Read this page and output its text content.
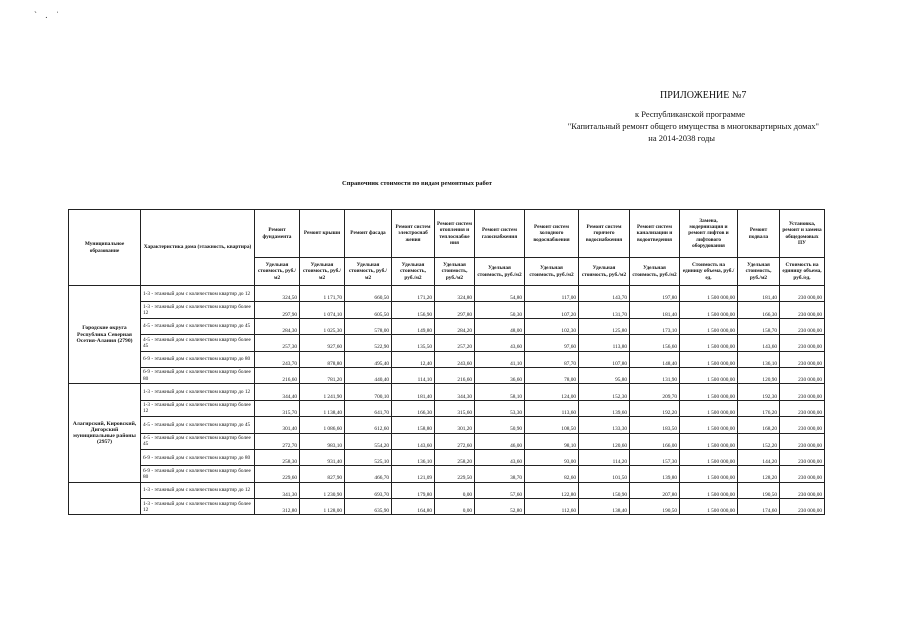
` . ˈ
ПРИЛОЖЕНИЕ №7
к Республиканской программе
"Капитальный ремонт общего имущества в многоквартирных домах"
на 2014-2038 годы
Справочник стоимости по видам ремонтных работ
Муниципальное образование	Характеристика дома (этажность, квартира)	Ремонт фундамента	Ремонт крыши	Ремонт фасада	Ремонт систем электроснаб жения	Ремонт систем отопления и теплоснабже ния	Ремонт систем газоснабжения	Ремонт систем холодного водоснабжения	Ремонт систем горячего водоснабжения	Ремонт систем канализации и водоотведения	Замена, модернизация и ремонт лифтов и лифтового оборудования	Ремонт подвала	Установка, ремонт и замена общедомовых ПУ
		Удельная стоимость, руб./м2	Удельная стоимость, руб./м2	Удельная стоимость, руб./м2	Удельная стоимость, руб./м2	Удельная стоимость, руб./м2	Удельная стоимость, руб./м2	Удельная стоимость, руб./м2	Удельная стоимость, руб./м2	Удельная стоимость, руб./м2	Стоимость на единицу объема, руб./ед.	Удельная стоимость, руб./м2	Стоимость на единицу объема, руб./ед.
Городские округа Республика Северная Осетия-Алания (2790)	1-3 - этажный дом с количеством квартир до 12	324,50	1 171,70	660,50	171,20	324,80	54,80	117,00	143,70	197,80	1 500 000,00	181,40	230 000,00
	1-3 - этажный дом с количеством квартир более 12	297,90	1 074,10	605,50	156,90	297,80	50,30	107,20	131,70	181,40	1 500 000,00	166,30	230 000,00
	4-5 - этажный дом с количеством квартир до 45	284,30	1 025,30	578,00	149,80	284,20	48,00	102,30	125,80	173,10	1 500 000,00	158,70	230 000,00
	4-5 - этажный дом с количеством квартир более 45	257,30	927,60	522,90	135,50	257,20	43,60	97,60	113,80	156,60	1 500 000,00	143,60	230 000,00
	6-9 - этажный дом с количеством квартир до 80	243,70	878,80	495,40	12,40	243,60	41,10	87,70	107,80	148,40	1 500 000,00	136,10	230 000,00
	6-9 - этажный дом с количеством квартир более 80	216,60	781,20	440,40	114,10	216,60	36,60	78,00	95,80	131,90	1 500 000,00	120,90	230 000,00
Алагирский, Кировский, Дигорский муниципальные районы (2957)	1-3 - этажный дом с количеством квартир до 12	344,40	1 241,90	700,10	181,40	344,30	58,10	124,00	152,30	209,70	1 500 000,00	192,30	230 000,00
	1-3 - этажный дом с количеством квартир более 12	315,70	1 138,40	641,70	166,30	315,60	53,30	113,60	139,60	192,20	1 500 000,00	176,20	230 000,00
	4-5 - этажный дом с количеством квартир до 45	301,40	1 086,60	612,60	158,80	301,20	50,90	108,50	133,30	183,50	1 500 000,00	168,20	230 000,00
	4-5 - этажный дом с количеством квартир более 45	272,70	983,10	554,20	143,60	272,60	46,00	98,10	120,60	166,00	1 500 000,00	152,20	230 000,00
	6-9 - этажный дом с количеством квартир до 80	258,30	931,40	525,10	136,10	258,20	43,60	93,00	114,20	157,30	1 500 000,00	144,20	230 000,00
	6-9 - этажный дом с количеством квартир более 80	229,60	827,90	466,70	121,09	229,50	38,70	82,60	101,50	139,80	1 500 000,00	128,20	230 000,00
	1-3 - этажный дом с количеством квартир до 12	341,30	1 230,90	693,70	179,80	0,00	57,60	122,80	150,90	207,80	1 500 000,00	190,50	230 000,00
	1-3 - этажный дом с количеством квартир более 12	312,80	1 128,00	635,90	164,80	0,00	52,80	112,60	138,40	190,50	1 500 000,00	174,60	230 000,00
